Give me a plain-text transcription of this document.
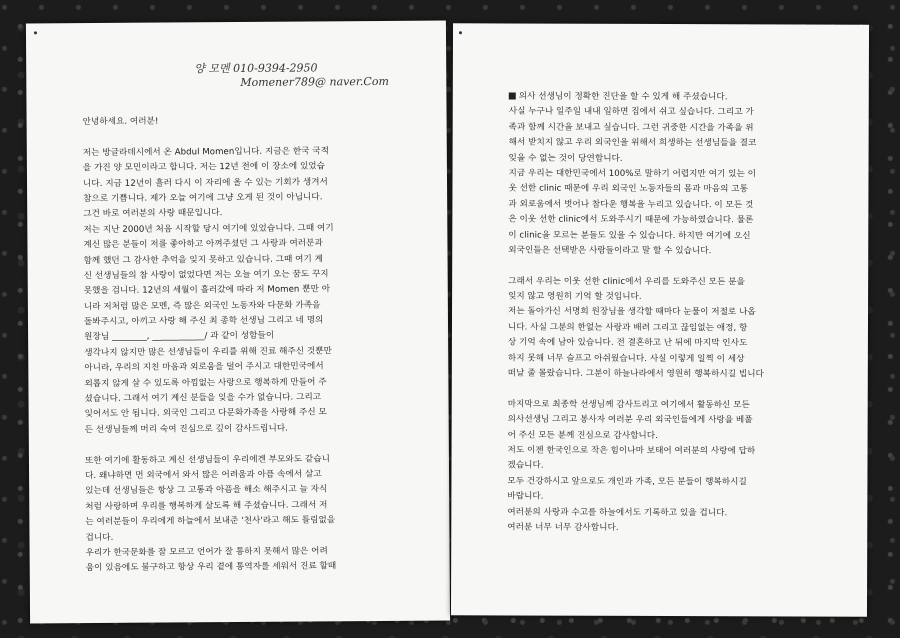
양 모멘 010-9394-2950
Momener789@ naver.Com
안녕하세요. 여러분!
저는 방글라데시에서 온 Abdul Momen입니다. 지금은 한국 국적
을 가진 양 모민이라고 합니다. 저는 12년 전에 이 장소에 있었습
니다. 지금 12년이 흘러 다시 이 자리에 올 수 있는 기회가 생겨서
참으로 기쁩니다. 제가 오늘 여기에 그냥 오게 된 것이 아닙니다.
그건 바로 여러분의 사랑 때문입니다.
저는 지난 2000년 처음 시작할 당시 여기에 있었습니다. 그때 여기
계신 많은 분들이 저를 좋아하고 아껴주셨던 그 사랑과 여러분과
함께 했던 그 감사한 추억을 잊지 못하고 있습니다. 그때 여기 계
신 선생님들의 참 사랑이 없었다면 저는 오늘 여기 오는 꿈도 꾸지
못했을 겁니다. 12년의 세월이 흘러갔에 따라 저 Momen 뿐만 아
니라 저처럼 많은 모멘, 즉 많은 외국인 노동자와 다문화 가족을
돌봐주시고, 아끼고 사랑 해 주신 최 종학 선생님 그리고 네 명의
원장님 ________, ____________/ 과 같이 성함들이
생각나지 않지만 많은 선생님들이 우리를 위해 진료 해주신 것뿐만
아니라, 우리의 지친 마음과 외로움을 덜어 주시고 대한민국에서
외롭지 않게 살 수 있도록 아낌없는 사랑으로 행복하게 만들어 주
셨습니다. 그래서 여기 계신 분들을 잊을 수가 없습니다. 그리고
잊어서도 안 됩니다. 외국인 그리고 다문화가족을 사랑해 주신 모
든 선생님들께 머리 숙여 진심으로 깊이 감사드립니다.
또한 여기에 활동하고 계신 선생님들이 우리에겐 부모와도 같습니
다. 왜냐하면 먼 외국에서 와서 많은 어려움과 아픔 속에서 살고
있는데 선생님들은 항상 그 고통과 아픔을 해소 해주시고 늘 자식
처럼 사랑하며 우리를 행복하게 살도록 해 주셨습니다. 그래서 저
는 여러분들이 우리에게 하늘에서 보내준 '천사'라고 해도 틀림없을
겁니다.
우리가 한국문화를 잘 모르고 언어가 잘 통하지 못해서 많은 어려
움이 있음에도 불구하고 항상 우리 곁에 통역자를 세워서 진료 할때
의사 선생님이 정확한 진단을 할 수 있게 해 주셨습니다.
사실 누구나 일주일 내내 일하면 집에서 쉬고 싶습니다. 그리고 가
족과 함께 시간을 보내고 싶습니다. 그런 귀중한 시간을 가족을 위
해서 받치지 않고 우리 외국인을 위해서 희생하는 선생님들을 결코
잊을 수 없는 것이 당연합니다.
지금 우리는 대한민국에서 100%로 말하기 어렵지만 여기 있는 이
웃 선한 clinic 때문에 우리 외국인 노동자들의 몸과 마음의 고통
과 외로움에서 벗어나 참다운 행복을 누리고 있습니다. 이 모든 것
은 이웃 선한 clinic에서 도와주시기 때문에 가능하였습니다. 물론
이 clinic을 모르는 분들도 있을 수 있습니다. 하지만 여기에 오신
외국인들은 선택받은 사람들이라고 말 할 수 있습니다.
그래서 우리는 이웃 선한 clinic에서 우리를 도와주신 모든 분을
잊지 않고 영원히 기억 할 것입니다.
저는 돌아가신 서명희 원장님을 생각할 때마다 눈물이 저절로 나옵
니다. 사실 그분의 한없는 사랑과 배려 그리고 끊임없는 애정, 항
상 기억 속에 남아 있습니다. 전 결혼하고 난 뒤에 마지막 인사도
하지 못해 너무 슬프고 아쉬웠습니다. 사실 이렇게 일찍 이 세상
떠날 줄 몰랐습니다. 그분이 하늘나라에서 영원히 행복하시길 빕니다
마지막으로 최종학 선생님께 감사드리고 여기에서 활동하신 모든
의사선생님 그리고 봉사자 여러분 우리 외국인들에게 사랑을 베풀
어 주신 모든 분께 진심으로 감사합니다.
저도 이젠 한국인으로 작은 힘이나마 보태어 여러분의 사랑에 답하
겠습니다.
모두 건강하시고 앞으로도 개인과 가족, 모든 분들이 행복하시길
바랍니다.
여러분의 사랑과 수고를 하늘에서도 기록하고 있을 겁니다.
여러분 너무 너무 감사합니다.
